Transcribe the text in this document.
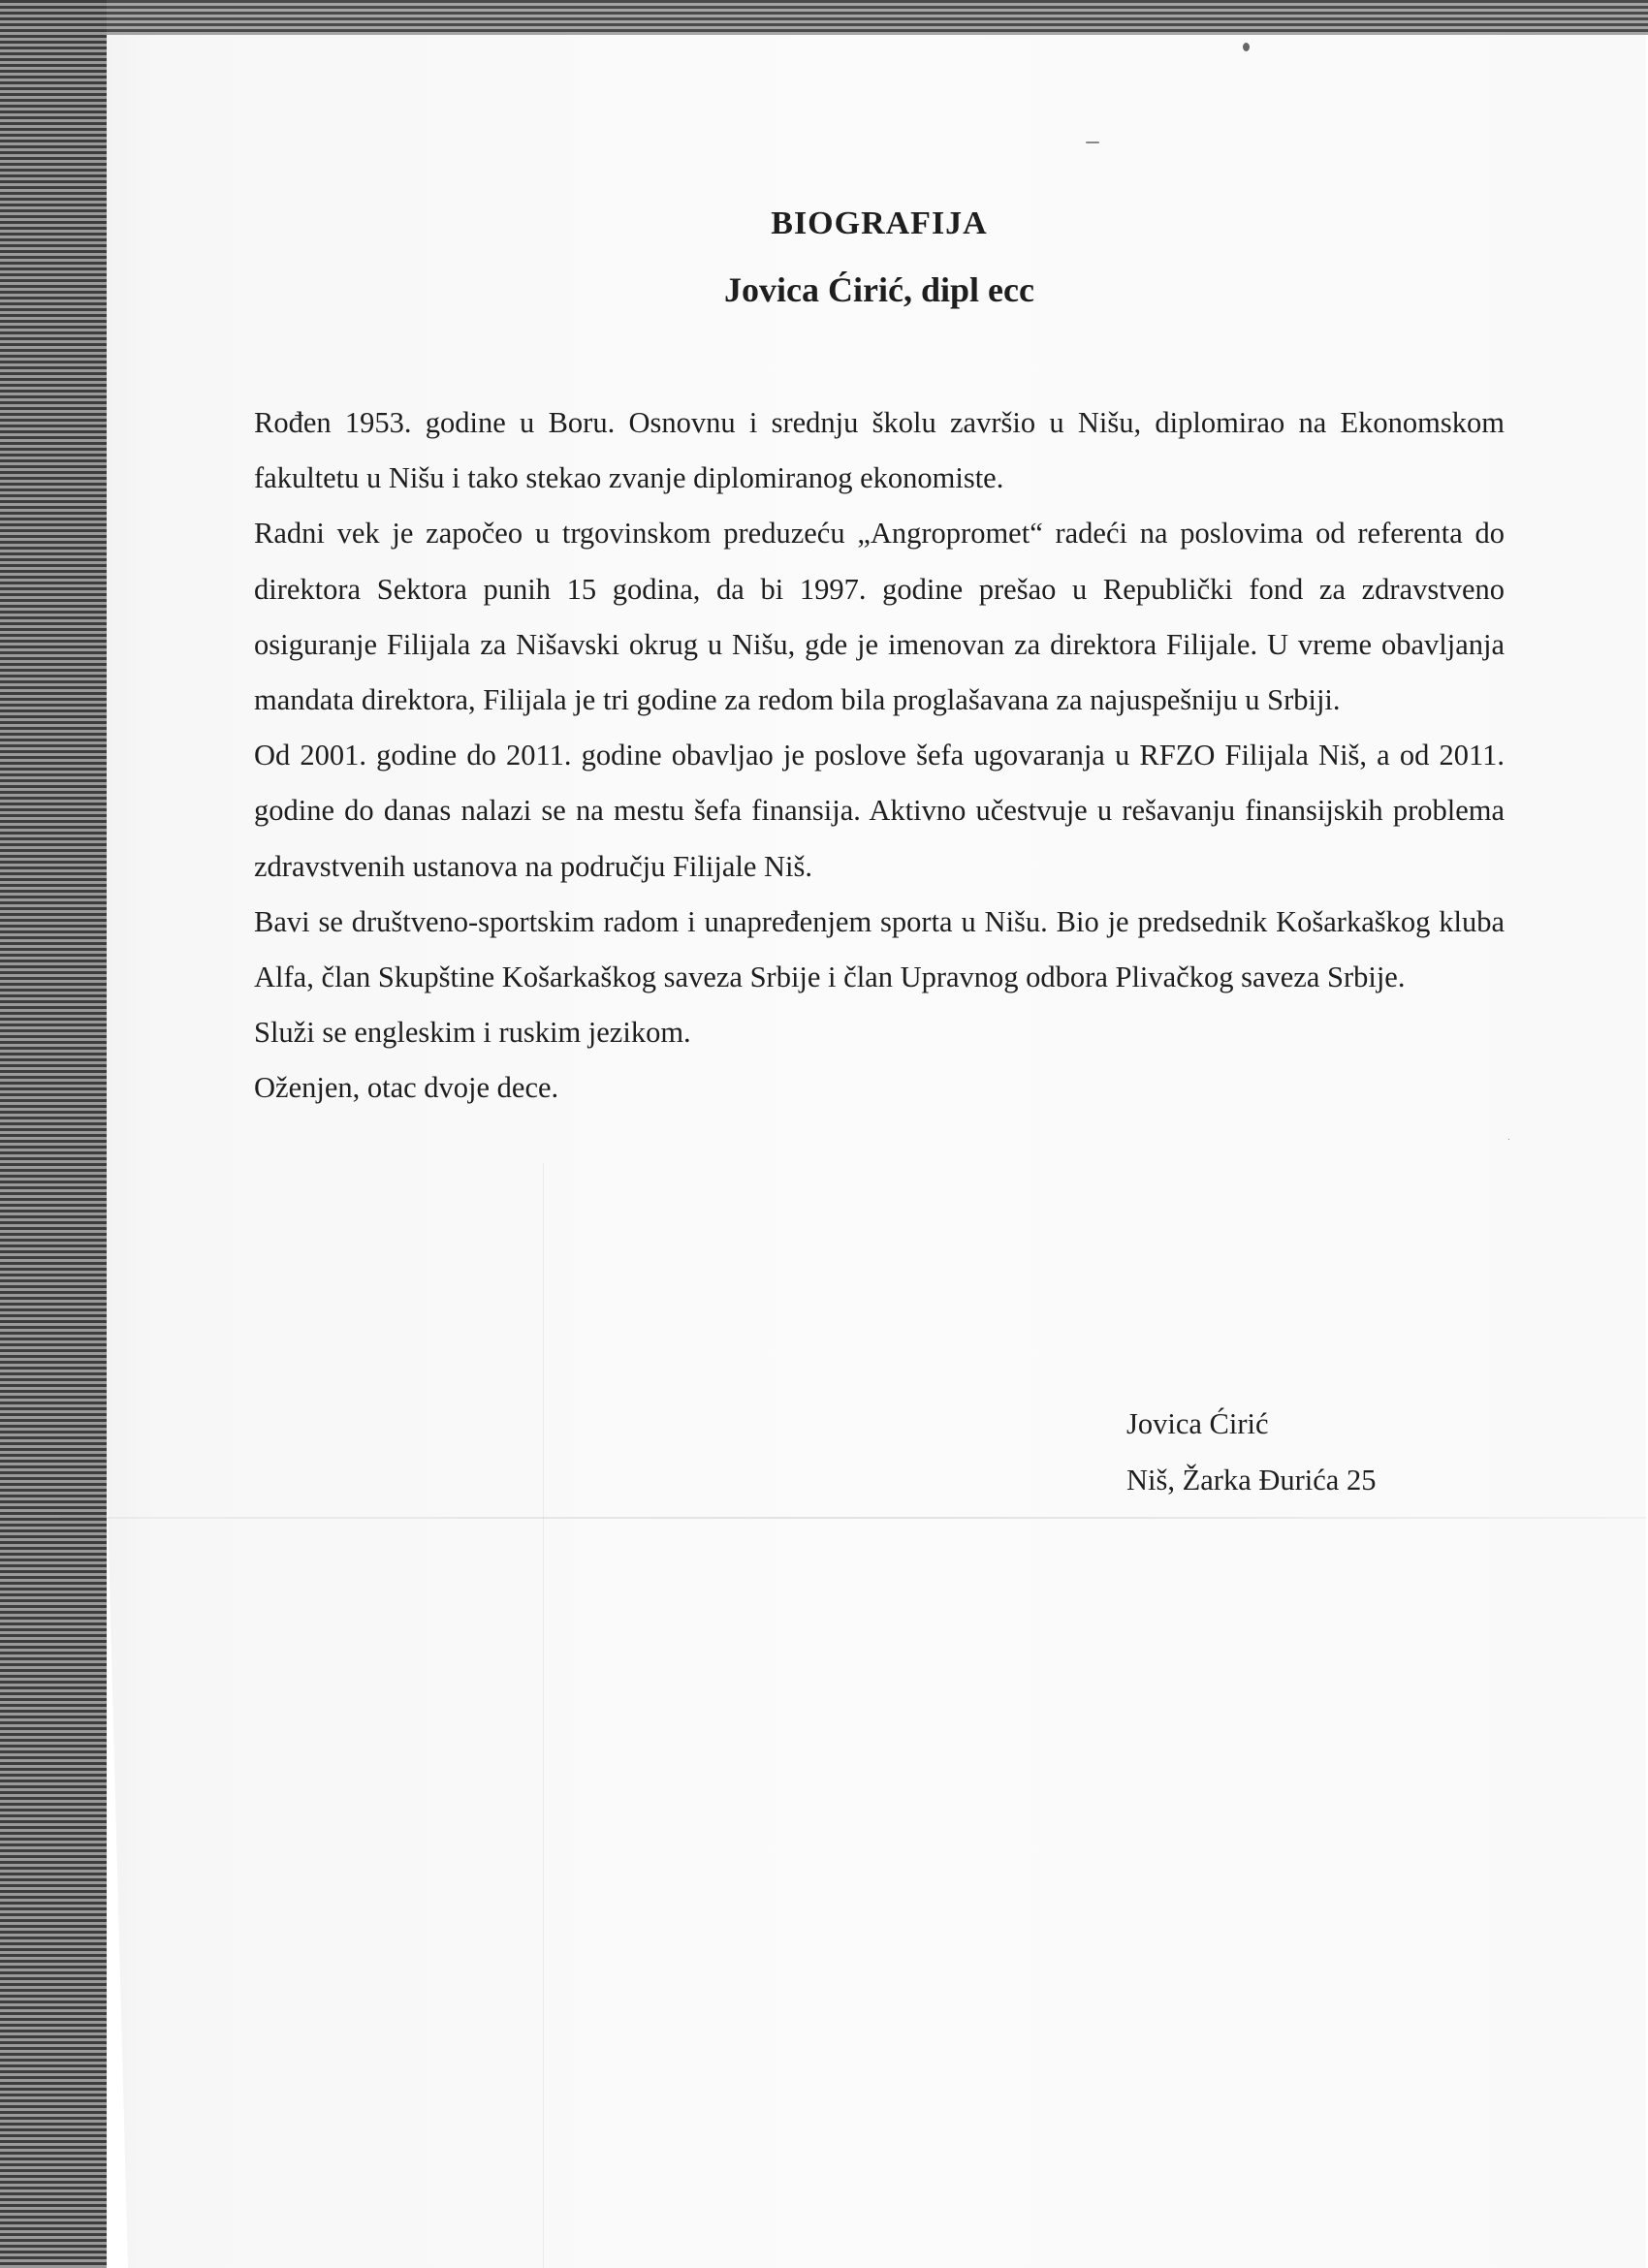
BIOGRAFIJA
Jovica Ćirić, dipl ecc

Rođen 1953. godine u Boru. Osnovnu i srednju školu završio u Nišu, diplomirao na Ekonomskom fakultetu u Nišu i tako stekao zvanje diplomiranog ekonomiste.

Radni vek je započeo u trgovinskom preduzeću „Angropromet“ radeći na poslovima od referenta do direktora Sektora punih 15 godina, da bi 1997. godine prešao u Republički fond za zdravstveno osiguranje Filijala za Nišavski okrug u Nišu, gde je imenovan za direktora Filijale. U vreme obavljanja mandata direktora, Filijala je tri godine za redom bila proglašavana za najuspešniju u Srbiji.

Od 2001. godine do 2011. godine obavljao je poslove šefa ugovaranja u RFZO Filijala Niš, a od 2011. godine do danas nalazi se na mestu šefa finansija. Aktivno učestvuje u rešavanju finansijskih problema zdravstvenih ustanova na području Filijale Niš.

Bavi se društveno-sportskim radom i unapređenjem sporta u Nišu. Bio je predsednik Košarkaškog kluba Alfa, član Skupštine Košarkaškog saveza Srbije i član Upravnog odbora Plivačkog saveza Srbije.

Služi se engleskim i ruskim jezikom.

Oženjen, otac dvoje dece.

Jovica Ćirić
Niš, Žarka Đurića 25
